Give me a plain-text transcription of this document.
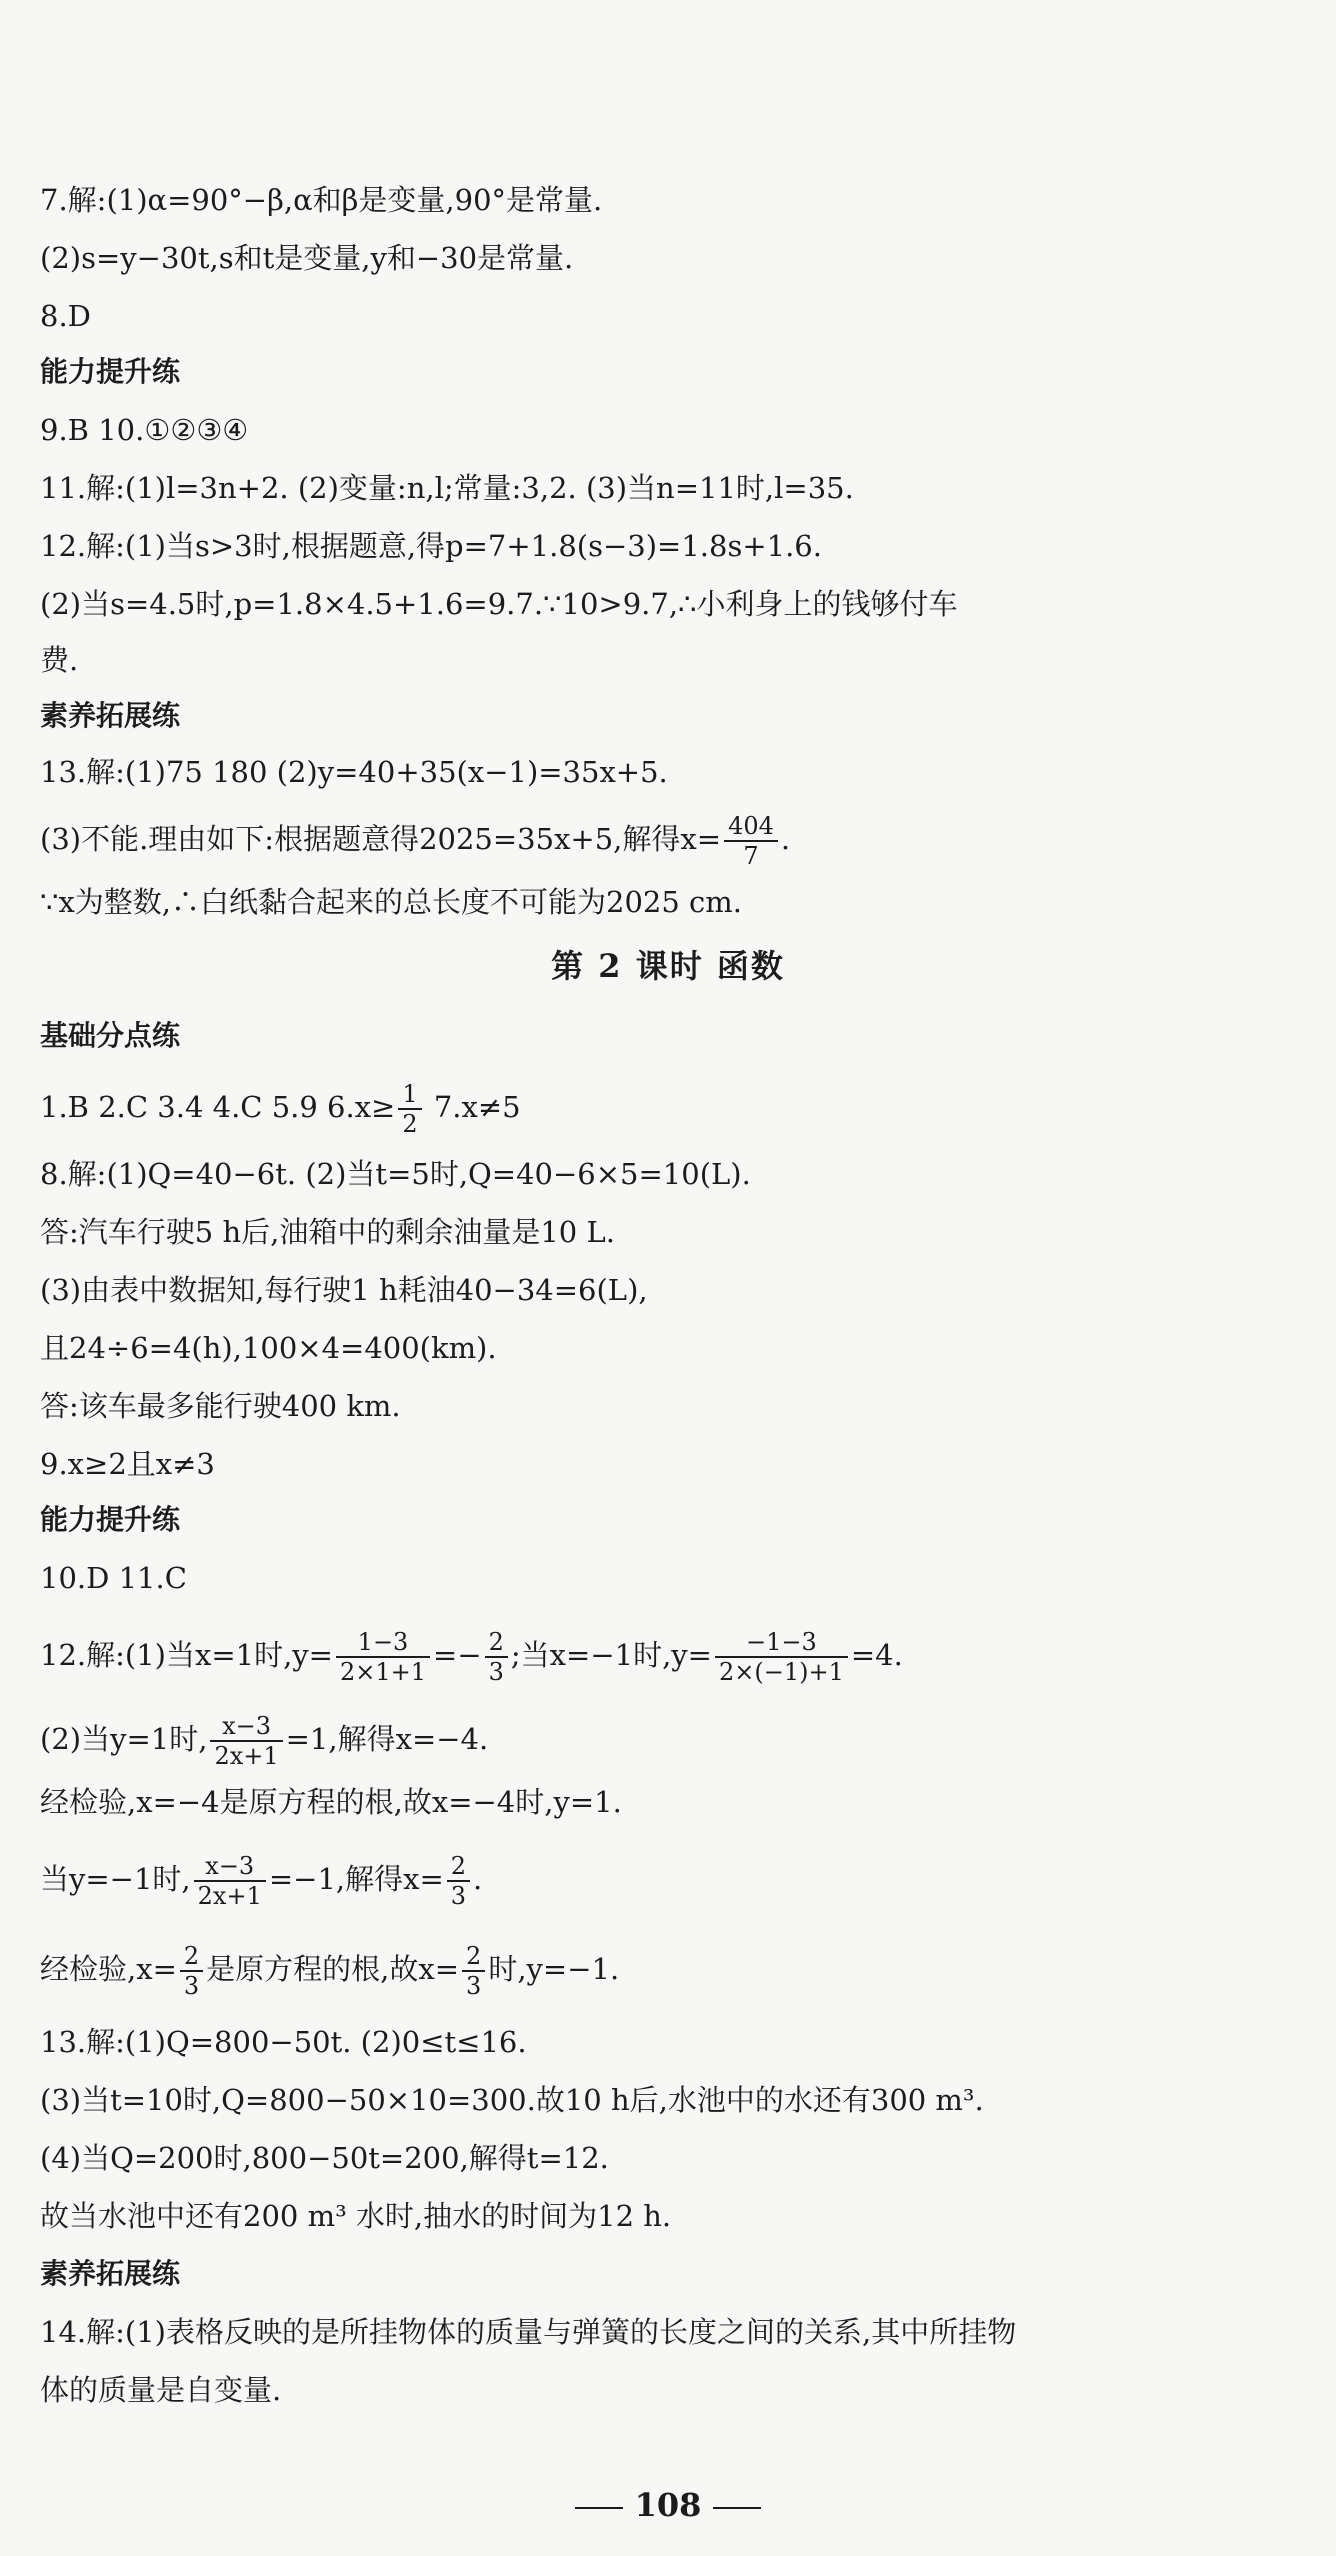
7.解:(1)α=90°−β,α和β是变量,90°是常量.
(2)s=y−30t,s和t是变量,y和−30是常量.
8.D
能力提升练
9.B 10.①②③④
11.解:(1)l=3n+2. (2)变量:n,l;常量:3,2. (3)当n=11时,l=35.
12.解:(1)当s>3时,根据题意,得p=7+1.8(s−3)=1.8s+1.6.
(2)当s=4.5时,p=1.8×4.5+1.6=9.7.∵10>9.7,∴小利身上的钱够付车
费.
素养拓展练
13.解:(1)75 180 (2)y=40+35(x−1)=35x+5.
(3)不能.理由如下:根据题意得2025=35x+5,解得$x= \frac{404}{7}$ .
∵x为整数,∴白纸黏合起来的总长度不可能为2025 cm.
第 2 课时 函数
基础分点练
1.B 2.C 3.4 4.C 5.9 $6.x\ge \frac{1}{2} 7.x\ne 5$
8.解:(1)Q=40−6t. (2)当t=5时,Q=40−6×5=10(L).
答:汽车行驶5 h后,油箱中的剩余油量是10 L.
(3)由表中数据知,每行驶1 h耗油40−34=6(L),
且24÷6=4(h),100×4=400(km).
答:该车最多能行驶400 km.
9.x≥2且x≠3
能力提升练
10.D 11.C
12.解:(1)当x=1时$,y= \frac{1-3}{2\times 1+1} =- \frac{2}{3}$ ;当x=−1时$,y= \frac{-1-3}{2\times(-1)+1} =4$.
(2)当y=1时, $\frac{x-3}{2x+1} =1$,解得x=−4.
经检验,x=−4是原方程的根,故x=−4时,y=1.
当y=−1时, $\frac{x-3}{2x+1} =-1$,解得$x= \frac{2}{3}$ .
经检验$,x= \frac{2}{3}$ 是原方程的根,故$x= \frac{2}{3}$ 时,y=−1.
13.解:(1)Q=800−50t. (2)0≤t≤16.
(3)当t=10时,Q=800−50×10=300.故10 h后,水池中的水还有300 m³.
(4)当Q=200时,800−50t=200,解得t=12.
故当水池中还有200 m³ 水时,抽水的时间为12 h.
素养拓展练
14.解:(1)表格反映的是所挂物体的质量与弹簧的长度之间的关系,其中所挂物
体的质量是自变量.
108
